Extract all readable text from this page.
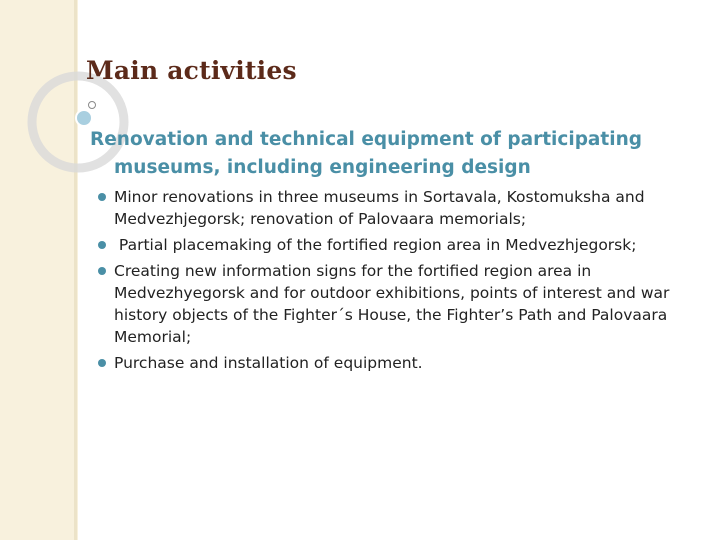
Main activities

Renovation and technical equipment of participating
museums, including engineering design

Minor renovations in three museums in Sortavala, Kostomuksha and Medvezhjegorsk; renovation of Palovaara memorials;
Partial placemaking of the fortified region area in Medvezhjegorsk;
Creating new information signs for the fortified region area in Medvezhyegorsk and for outdoor exhibitions, points of interest and war history objects of the Fighter´s House, the Fighter’s Path and Palovaara Memorial;
Purchase and installation of equipment.
